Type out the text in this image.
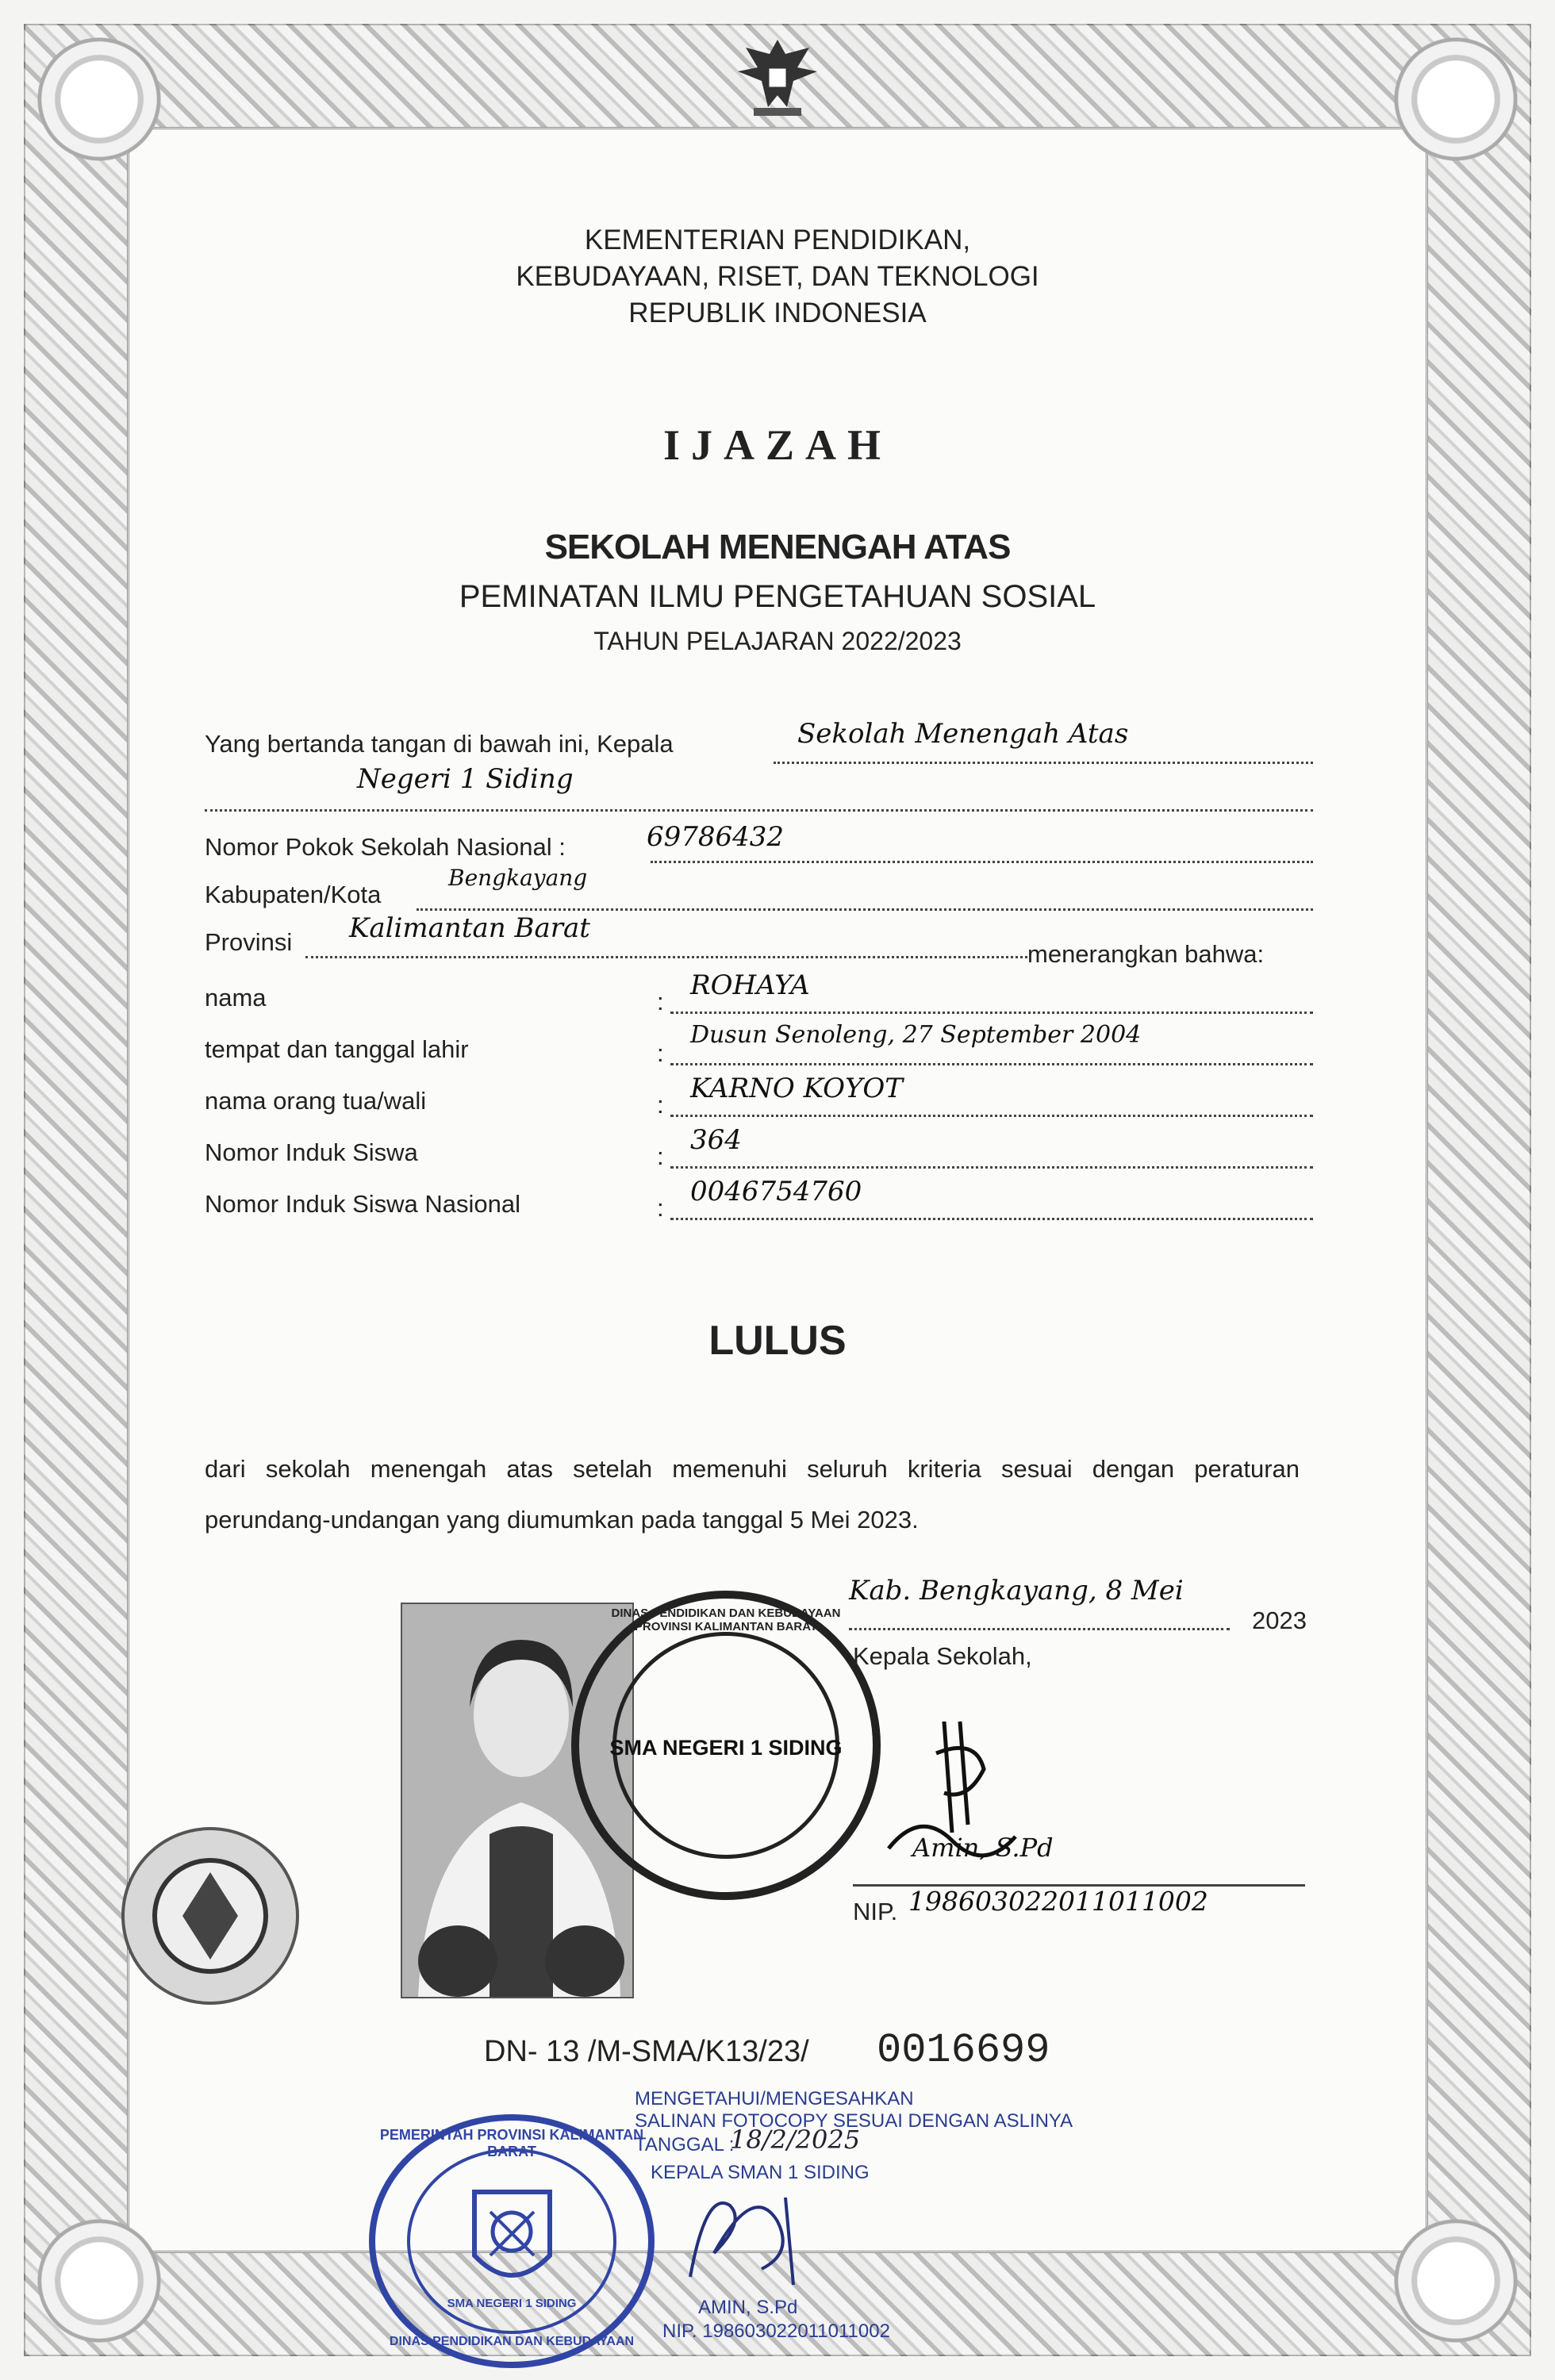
KEMENTERIAN PENDIDIKAN,
KEBUDAYAAN, RISET, DAN TEKNOLOGI
REPUBLIK INDONESIA
IJAZAH
SEKOLAH MENENGAH ATAS
PEMINATAN ILMU PENGETAHUAN SOSIAL
TAHUN PELAJARAN 2022/2023
Yang bertanda tangan di bawah ini, Kepala	Sekolah Menengah Atas
Negeri 1 Siding
Nomor Pokok Sekolah Nasional :	69786432
Kabupaten/Kota
Bengkayang
Provinsi Kalimantan Barat
menerangkan bahwa:
nama	:
ROHAYA
tempat dan tanggal lahir	:
Dusun Senoleng, 27 September 2004
nama orang tua/wali	:
KARNO KOYOT
Nomor Induk Siswa	:
364
Nomor Induk Siswa Nasional	:
0046754760
LULUS
dari sekolah menengah atas setelah memenuhi seluruh kriteria sesuai dengan peraturan perundang-undangan yang diumumkan pada tanggal 5 Mei 2023.
Kab. Bengkayang, 8 Mei
2023
Kepala Sekolah,
Amin, S.Pd
NIP. 198603022011011002
SMA NEGERI 1 SIDING
DINAS PENDIDIKAN DAN KEBUDAYAAN PROVINSI KALIMANTAN BARAT
DN- 13 /M-SMA/K13/23/ 0016699
MENGETAHUI/MENGESAHKAN
SALINAN FOTOCOPY SESUAI DENGAN ASLINYA
TANGGAL :
18/2/2025
KEPALA SMAN 1 SIDING
AMIN, S.Pd
NIP. 198603022011011002
PEMERINTAH PROVINSI KALIMANTAN BARAT
SMA NEGERI 1 SIDING
DINAS PENDIDIKAN DAN KEBUDAYAAN
